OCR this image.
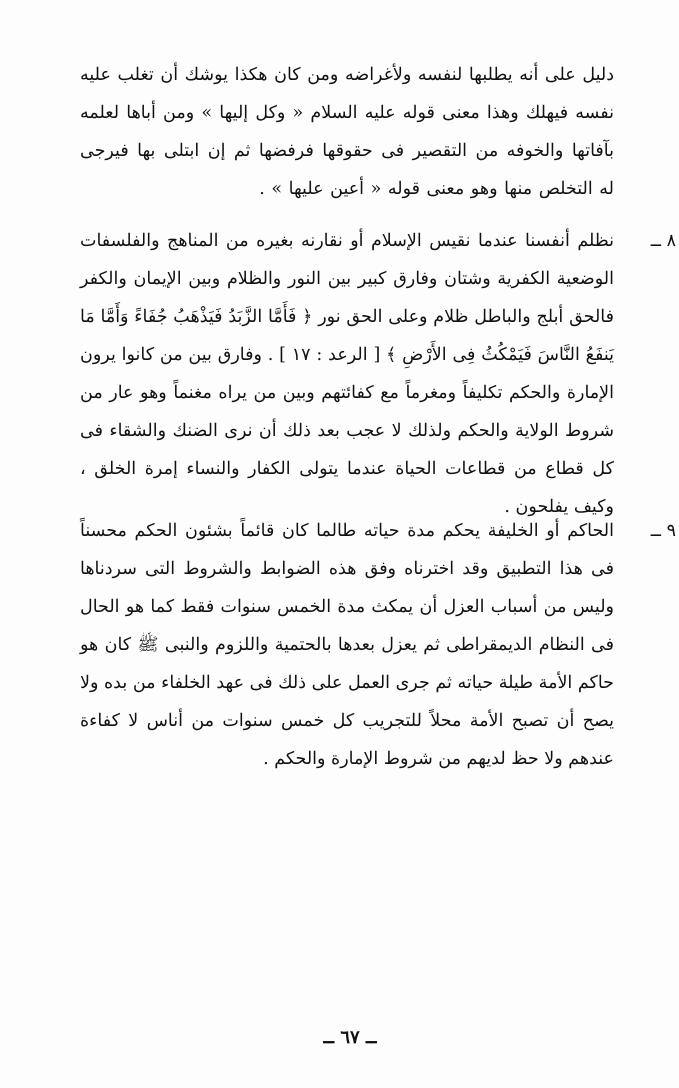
دليل على أنه يطلبها لنفسه ولأغراضه ومن كان هكذا يوشك أن تغلب عليه نفسه فيهلك وهذا معنى قوله عليه السلام « وكل إليها » ومن أباها لعلمه بآفاتها والخوفه من التقصير فى حقوقها فرفضها ثم إن ابتلى بها فيرجى له التخلص منها وهو معنى قوله « أعين عليها » .
٨ ــ
نظلم أنفسنا عندما نقيس الإسلام أو نقارنه بغيره من المناهج والفلسفات الوضعية الكفرية وشتان وفارق كبير بين النور والظلام وبين الإيمان والكفر فالحق أبلج والباطل ظلام وعلى الحق نور ﴿ فَأَمَّا الزَّبَدُ فَيَذْهَبُ جُفَاءً وَأَمَّا مَا يَنفَعُ النَّاسَ فَيَمْكُثُ فِى الأَرْضِ ﴾ [ الرعد : ١٧ ] . وفارق بين من كانوا يرون الإمارة والحكم تكليفاً ومغرماً مع كفائتهم وبين من يراه مغنماً وهو عار من شروط الولاية والحكم ولذلك لا عجب بعد ذلك أن نرى الضنك والشقاء فى كل قطاع من قطاعات الحياة عندما يتولى الكفار والنساء إمرة الخلق ، وكيف يفلحون .
٩ ــ
الحاكم أو الخليفة يحكم مدة حياته طالما كان قائماً بشئون الحكم محسناً فى هذا التطبيق وقد اخترناه وفق هذه الضوابط والشروط التى سردناها وليس من أسباب العزل أن يمكث مدة الخمس سنوات فقط كما هو الحال فى النظام الديمقراطى ثم يعزل بعدها بالحتمية واللزوم والنبى ﷺ كان هو حاكم الأمة طيلة حياته ثم جرى العمل على ذلك فى عهد الخلفاء من بده ولا يصح أن تصبح الأمة محلاً للتجريب كل خمس سنوات من أناس لا كفاءة عندهم ولا حظ لديهم من شروط الإمارة والحكم .
ــ ٦٧ ــ
